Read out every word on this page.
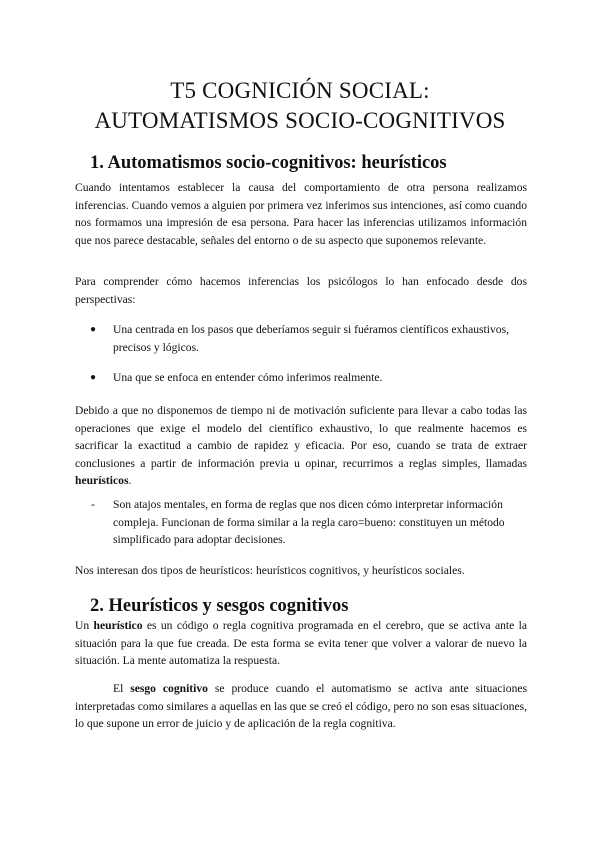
T5 COGNICIÓN SOCIAL:
AUTOMATISMOS SOCIO-COGNITIVOS
1. Automatismos socio-cognitivos: heurísticos

Cuando intentamos establecer la causa del comportamiento de otra persona realizamos inferencias. Cuando vemos a alguien por primera vez inferimos sus intenciones, así como cuando nos formamos una impresión de esa persona. Para hacer las inferencias utilizamos información que nos parece destacable, señales del entorno o de su aspecto que suponemos relevante.

Para comprender cómo hacemos inferencias los psicólogos lo han enfocado desde dos perspectivas:

● Una centrada en los pasos que deberíamos seguir si fuéramos científicos exhaustivos, precisos y lógicos.

● Una que se enfoca en entender cómo inferimos realmente.

Debido a que no disponemos de tiempo ni de motivación suficiente para llevar a cabo todas las operaciones que exige el modelo del científico exhaustivo, lo que realmente hacemos es sacrificar la exactitud a cambio de rapidez y eficacia. Por eso, cuando se trata de extraer conclusiones a partir de información previa u opinar, recurrimos a reglas simples, llamadas heurísticos.

- Son atajos mentales, en forma de reglas que nos dicen cómo interpretar información compleja. Funcionan de forma similar a la regla caro=bueno: constituyen un método simplificado para adoptar decisiones.

Nos interesan dos tipos de heurísticos: heurísticos cognitivos, y heurísticos sociales.

2. Heurísticos y sesgos cognitivos

Un heurístico es un código o regla cognitiva programada en el cerebro, que se activa ante la situación para la que fue creada. De esta forma se evita tener que volver a valorar de nuevo la situación. La mente automatiza la respuesta.

El sesgo cognitivo se produce cuando el automatismo se activa ante situaciones interpretadas como similares a aquellas en las que se creó el código, pero no son esas situaciones, lo que supone un error de juicio y de aplicación de la regla cognitiva.
